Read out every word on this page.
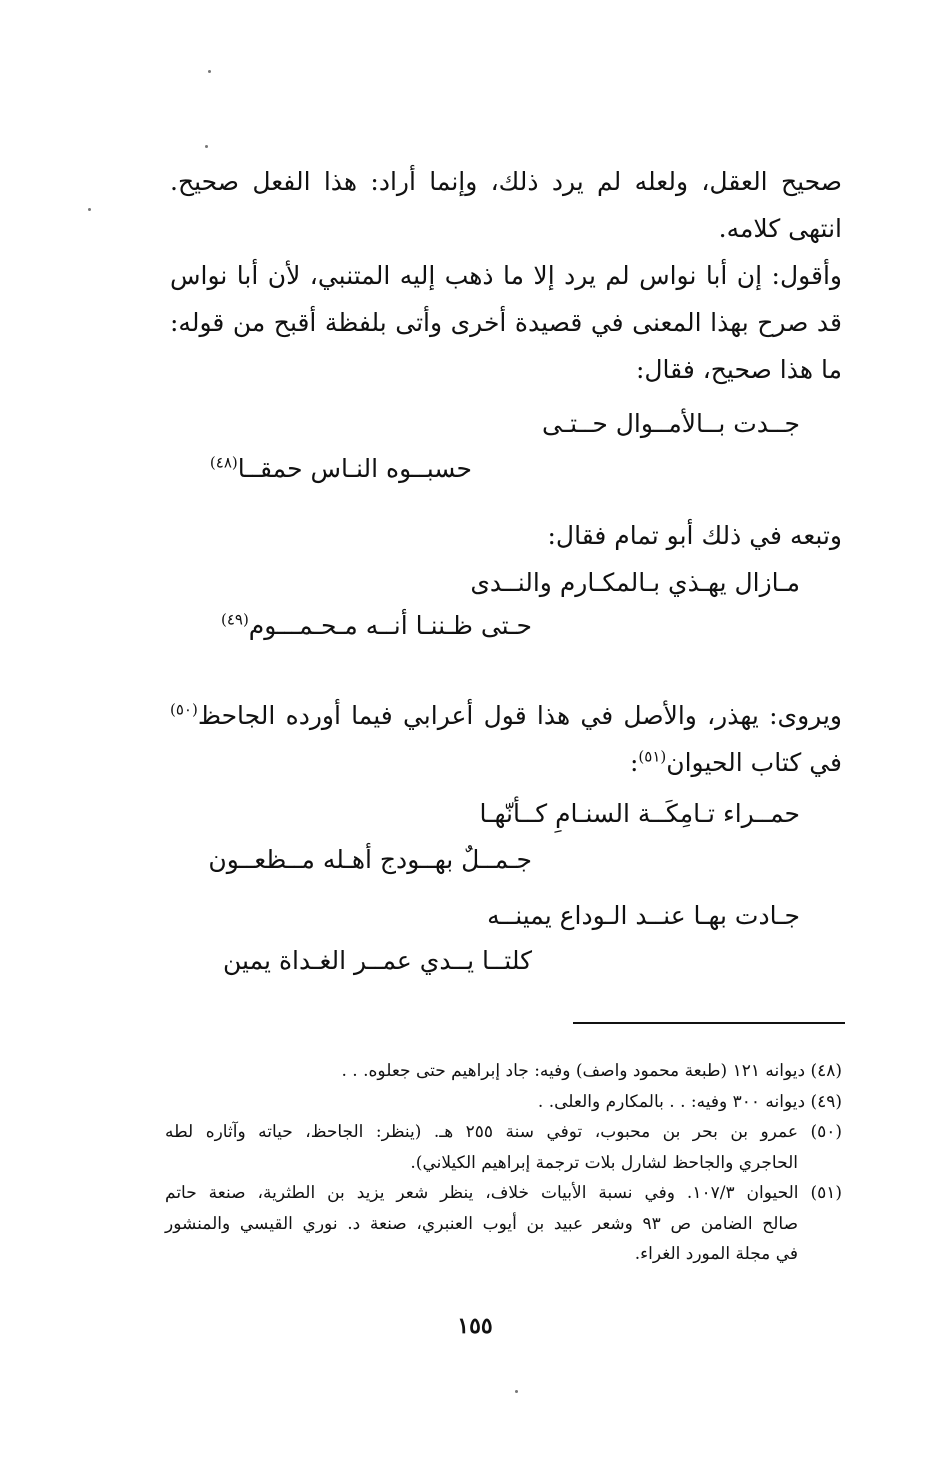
صحيح العقل، ولعله لم يرد ذلك، وإنما أراد: هذا الفعل صحيح. انتهى كلامه.

وأقول: إن أبا نواس لم يرد إلا ما ذهب إليه المتنبي، لأن أبا نواس قد صرح بهذا المعنى في قصيدة أخرى وأتى بلفظة أقبح من قوله: ما هذا صحيح، فقال:

جــدت بــالأمــوال حــتـى
حسبــوه النـاس حمقــا$^{(٤٨)}$

وتبعه في ذلك أبو تمام فقال:

مـازال يهـذي بـالمكـارم والنــدى
حـتى ظـننـا أنــه مـحـمـــوم$^{(٤٩)}$

ويروى: يهذر، والأصل في هذا قول أعرابي فيما أورده الجاحظ$^{(٥٠)}$

في كتاب الحيوان$^{(٥١)}$:

حمــراء تـامِكَــة السنـامِ كــأنّهـا
جـمــلٌ بهــودج أهـله مــظعــون
جـادت بهـا عنــد الـوداع يمينــه
كلتــا يــدي عمــر الغـداة يمين

(٤٨) ديوانه ١٢١ (طبعة محمود واصف) وفيه: جاد إبراهيم حتى جعلوه. . .

(٤٩) ديوانه ٣٠٠ وفيه: . . بالمكارم والعلى. .

(٥٠) عمرو بن بحر بن محبوب، توفي سنة ٢٥٥ هـ. (ينظر: الجاحظ، حياته وآثاره لطه

الحاجري والجاحظ لشارل بلات ترجمة إبراهيم الكيلاني).

(٥١) الحيوان ١٠٧/٣. وفي نسبة الأبيات خلاف، ينظر شعر يزيد بن الطثرية، صنعة حاتم

صالح الضامن ص ٩٣ وشعر عبيد بن أيوب العنبري، صنعة د. نوري القيسي والمنشور

في مجلة المورد الغراء.

١٥٥
